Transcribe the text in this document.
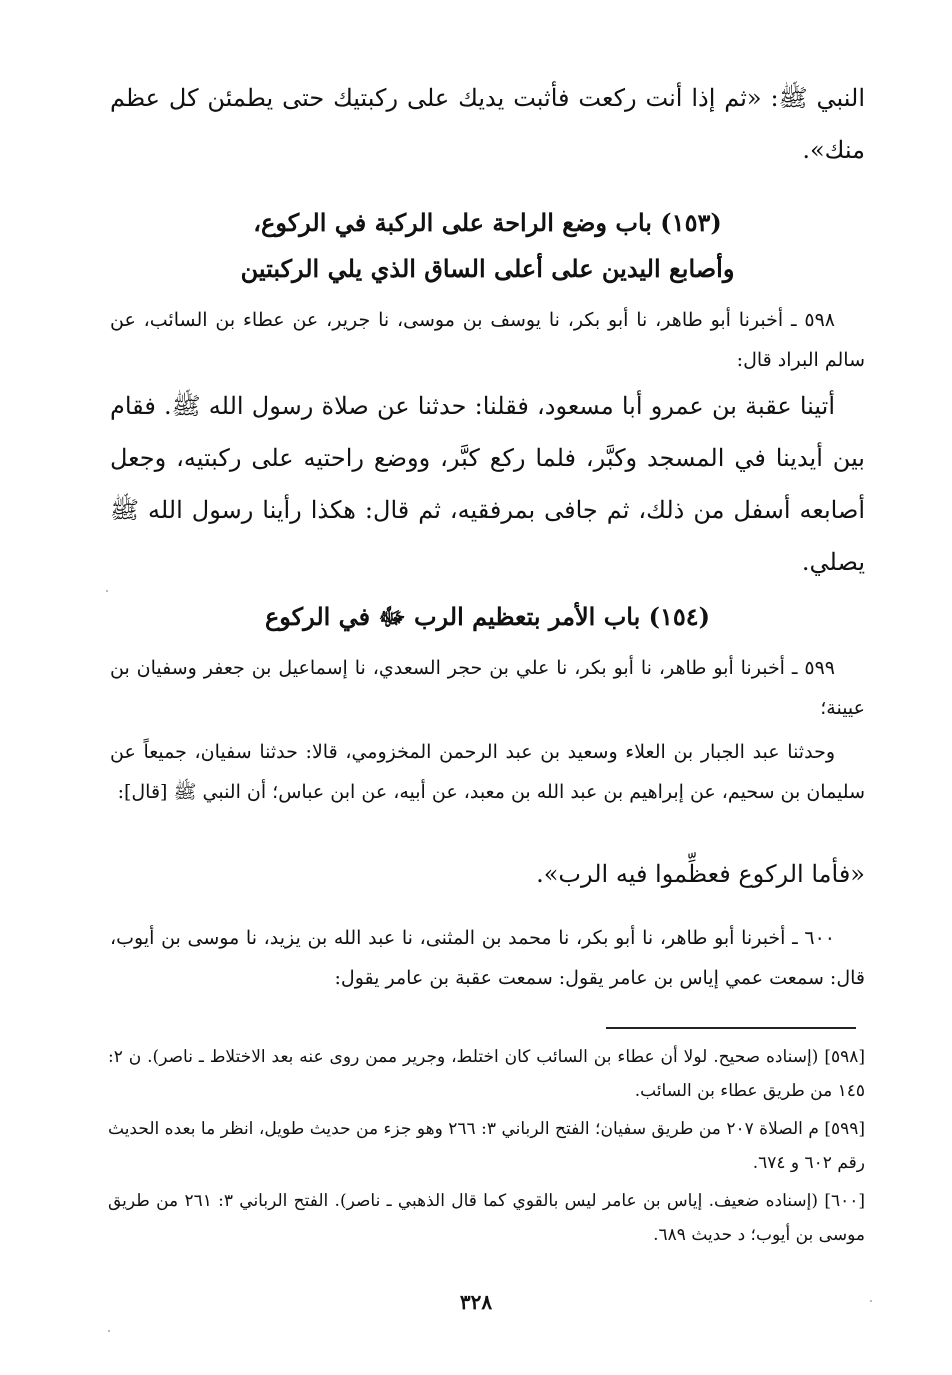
النبي ﷺ: «ثم إذا أنت ركعت فأثبت يديك على ركبتيك حتى يطمئن كل عظم منك».
(١٥٣) باب وضع الراحة على الركبة في الركوع،
وأصابع اليدين على أعلى الساق الذي يلي الركبتين
٥٩٨ ـ أخبرنا أبو طاهر، نا أبو بكر، نا يوسف بن موسى، نا جرير، عن عطاء بن السائب، عن سالم البراد قال:
أتينا عقبة بن عمرو أبا مسعود، فقلنا: حدثنا عن صلاة رسول الله ﷺ. فقام بين أيدينا في المسجد وكبَّر، فلما ركع كبَّر، ووضع راحتيه على ركبتيه، وجعل أصابعه أسفل من ذلك، ثم جافى بمرفقيه، ثم قال: هكذا رأينا رسول الله ﷺ يصلي.
(١٥٤) باب الأمر بتعظيم الرب ﷻ في الركوع
٥٩٩ ـ أخبرنا أبو طاهر، نا أبو بكر، نا علي بن حجر السعدي، نا إسماعيل بن جعفر وسفيان بن عيينة؛
وحدثنا عبد الجبار بن العلاء وسعيد بن عبد الرحمن المخزومي، قالا: حدثنا سفيان، جميعاً عن سليمان بن سحيم، عن إبراهيم بن عبد الله بن معبد، عن أبيه، عن ابن عباس؛ أن النبي ﷺ [قال]:
«فأما الركوع فعظِّموا فيه الرب».
٦٠٠ ـ أخبرنا أبو طاهر، نا أبو بكر، نا محمد بن المثنى، نا عبد الله بن يزيد، نا موسى بن أيوب، قال: سمعت عمي إياس بن عامر يقول: سمعت عقبة بن عامر يقول:
[٥٩٨] (إسناده صحيح. لولا أن عطاء بن السائب كان اختلط، وجرير ممن روى عنه بعد الاختلاط ـ ناصر). ن ٢: ١٤٥ من طريق عطاء بن السائب.
[٥٩٩] م الصلاة ٢٠٧ من طريق سفيان؛ الفتح الرباني ٣: ٢٦٦ وهو جزء من حديث طويل، انظر ما بعده الحديث رقم ٦٠٢ و ٦٧٤.
[٦٠٠] (إسناده ضعيف. إياس بن عامر ليس بالقوي كما قال الذهبي ـ ناصر). الفتح الرباني ٣: ٢٦١ من طريق موسى بن أيوب؛ د حديث ٦٨٩.
٣٢٨
